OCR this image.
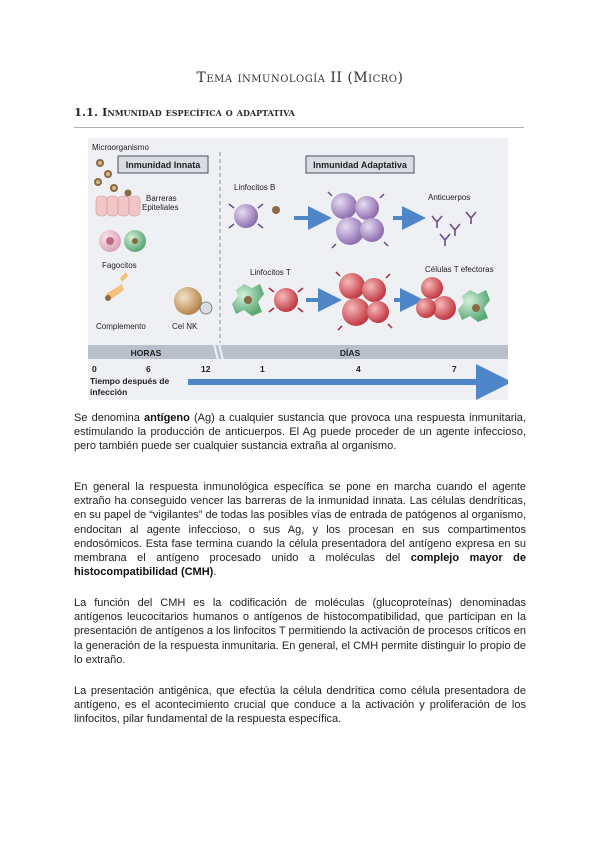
Tema inmunología II (Micro)
1.1. Inmunidad específica o adaptativa
Inmunidad Innata	Inmunidad Adaptativa
Microorganismo
Barreras
Epiteliales
Fagocitos
Complemento	Cel NK
Linfocitos B
Anticuerpos
Linfocitos T	Células T efectoras
HORAS	DÍAS
0	6	12	1	4	7
Tiempo después de
infección

Se denomina antígeno (Ag) a cualquier sustancia que provoca una respuesta inmunitaria, estimulando la producción de anticuerpos. El Ag puede proceder de un agente infeccioso, pero también puede ser cualquier sustancia extraña al organismo.

En general la respuesta inmunológica específica se pone en marcha cuando el agente extraño ha conseguido vencer las barreras de la inmunidad innata. Las células dendríticas, en su papel de “vigilantes” de todas las posibles vías de entrada de patógenos al organismo, endocitan al agente infeccioso, o sus Ag, y los procesan en sus compartimentos endosómicos. Esta fase termina cuando la célula presentadora del antígeno expresa en su membrana el antígeno procesado unido a moléculas del complejo mayor de histocompatibilidad (CMH).

La función del CMH es la codificación de moléculas (glucoproteínas) denominadas antígenos leucocitarios humanos o antígenos de histocompatibilidad, que participan en la presentación de antígenos a los linfocitos T permitiendo la activación de procesos críticos en la generación de la respuesta inmunitaria. En general, el CMH permite distinguir lo propio de lo extraño.

La presentación antigénica, que efectúa la célula dendrítica como célula presentadora de antígeno, es el acontecimiento crucial que conduce a la activación y proliferación de los linfocitos, pilar fundamental de la respuesta específica.
